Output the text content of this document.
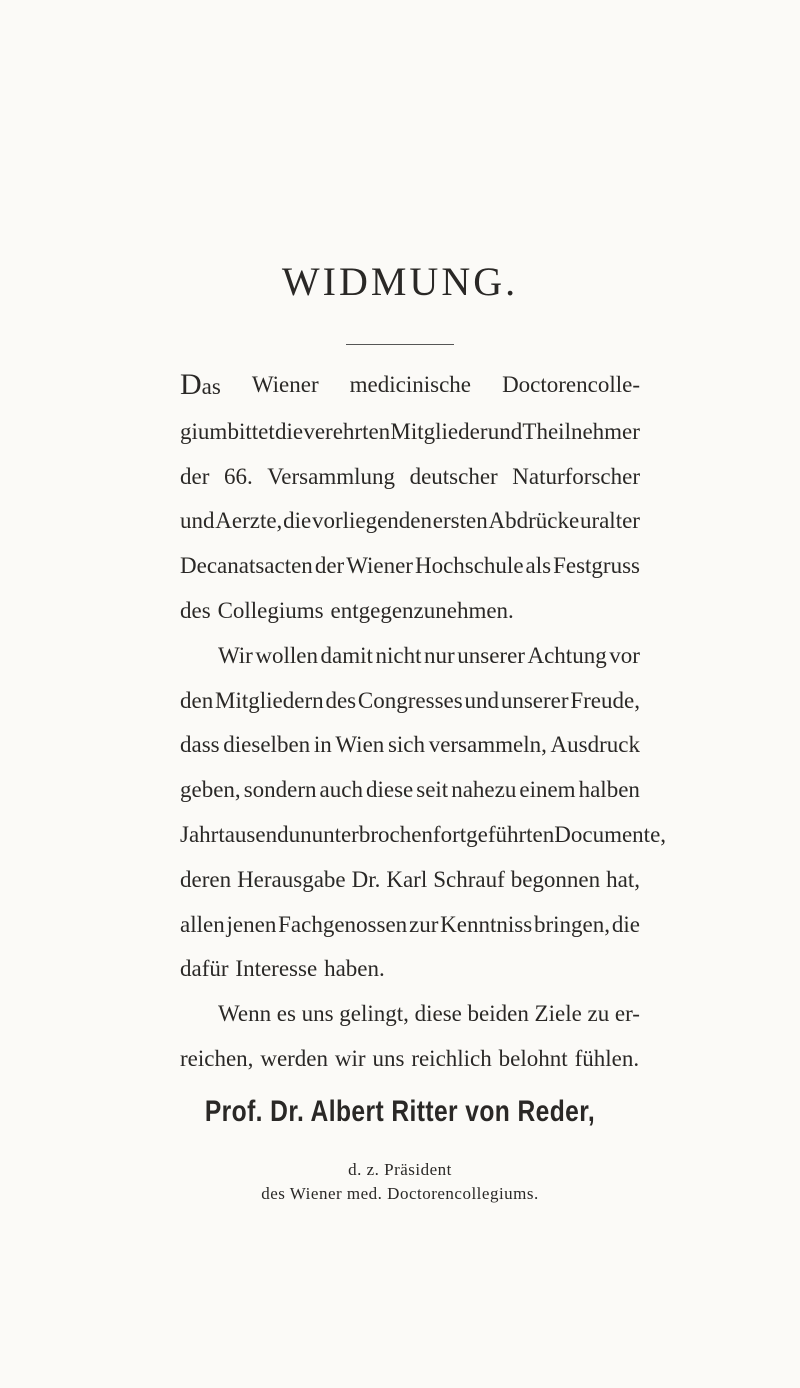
WIDMUNG.
Das Wiener medicinische Doctorencolle-
gium bittet die verehrten Mitglieder und Theilnehmer
der 66. Versammlung deutscher Naturforscher
und Aerzte, die vorliegenden ersten Abdrücke uralter
Decanatsacten der Wiener Hochschule als Festgruss
des Collegiums entgegenzunehmen.
Wir wollen damit nicht nur unserer Achtung vor
den Mitgliedern des Congresses und unserer Freude,
dass dieselben in Wien sich versammeln, Ausdruck
geben, sondern auch diese seit nahezu einem halben
Jahrtausend ununterbrochen fortgeführten Documente,
deren Herausgabe Dr. Karl Schrauf begonnen hat,
allen jenen Fachgenossen zur Kenntniss bringen, die
dafür Interesse haben.
Wenn es uns gelingt, diese beiden Ziele zu er-
reichen, werden wir uns reichlich belohnt fühlen.
Prof. Dr. Albert Ritter von Reder,
d. z. Präsident
des Wiener med. Doctorencollegiums.
